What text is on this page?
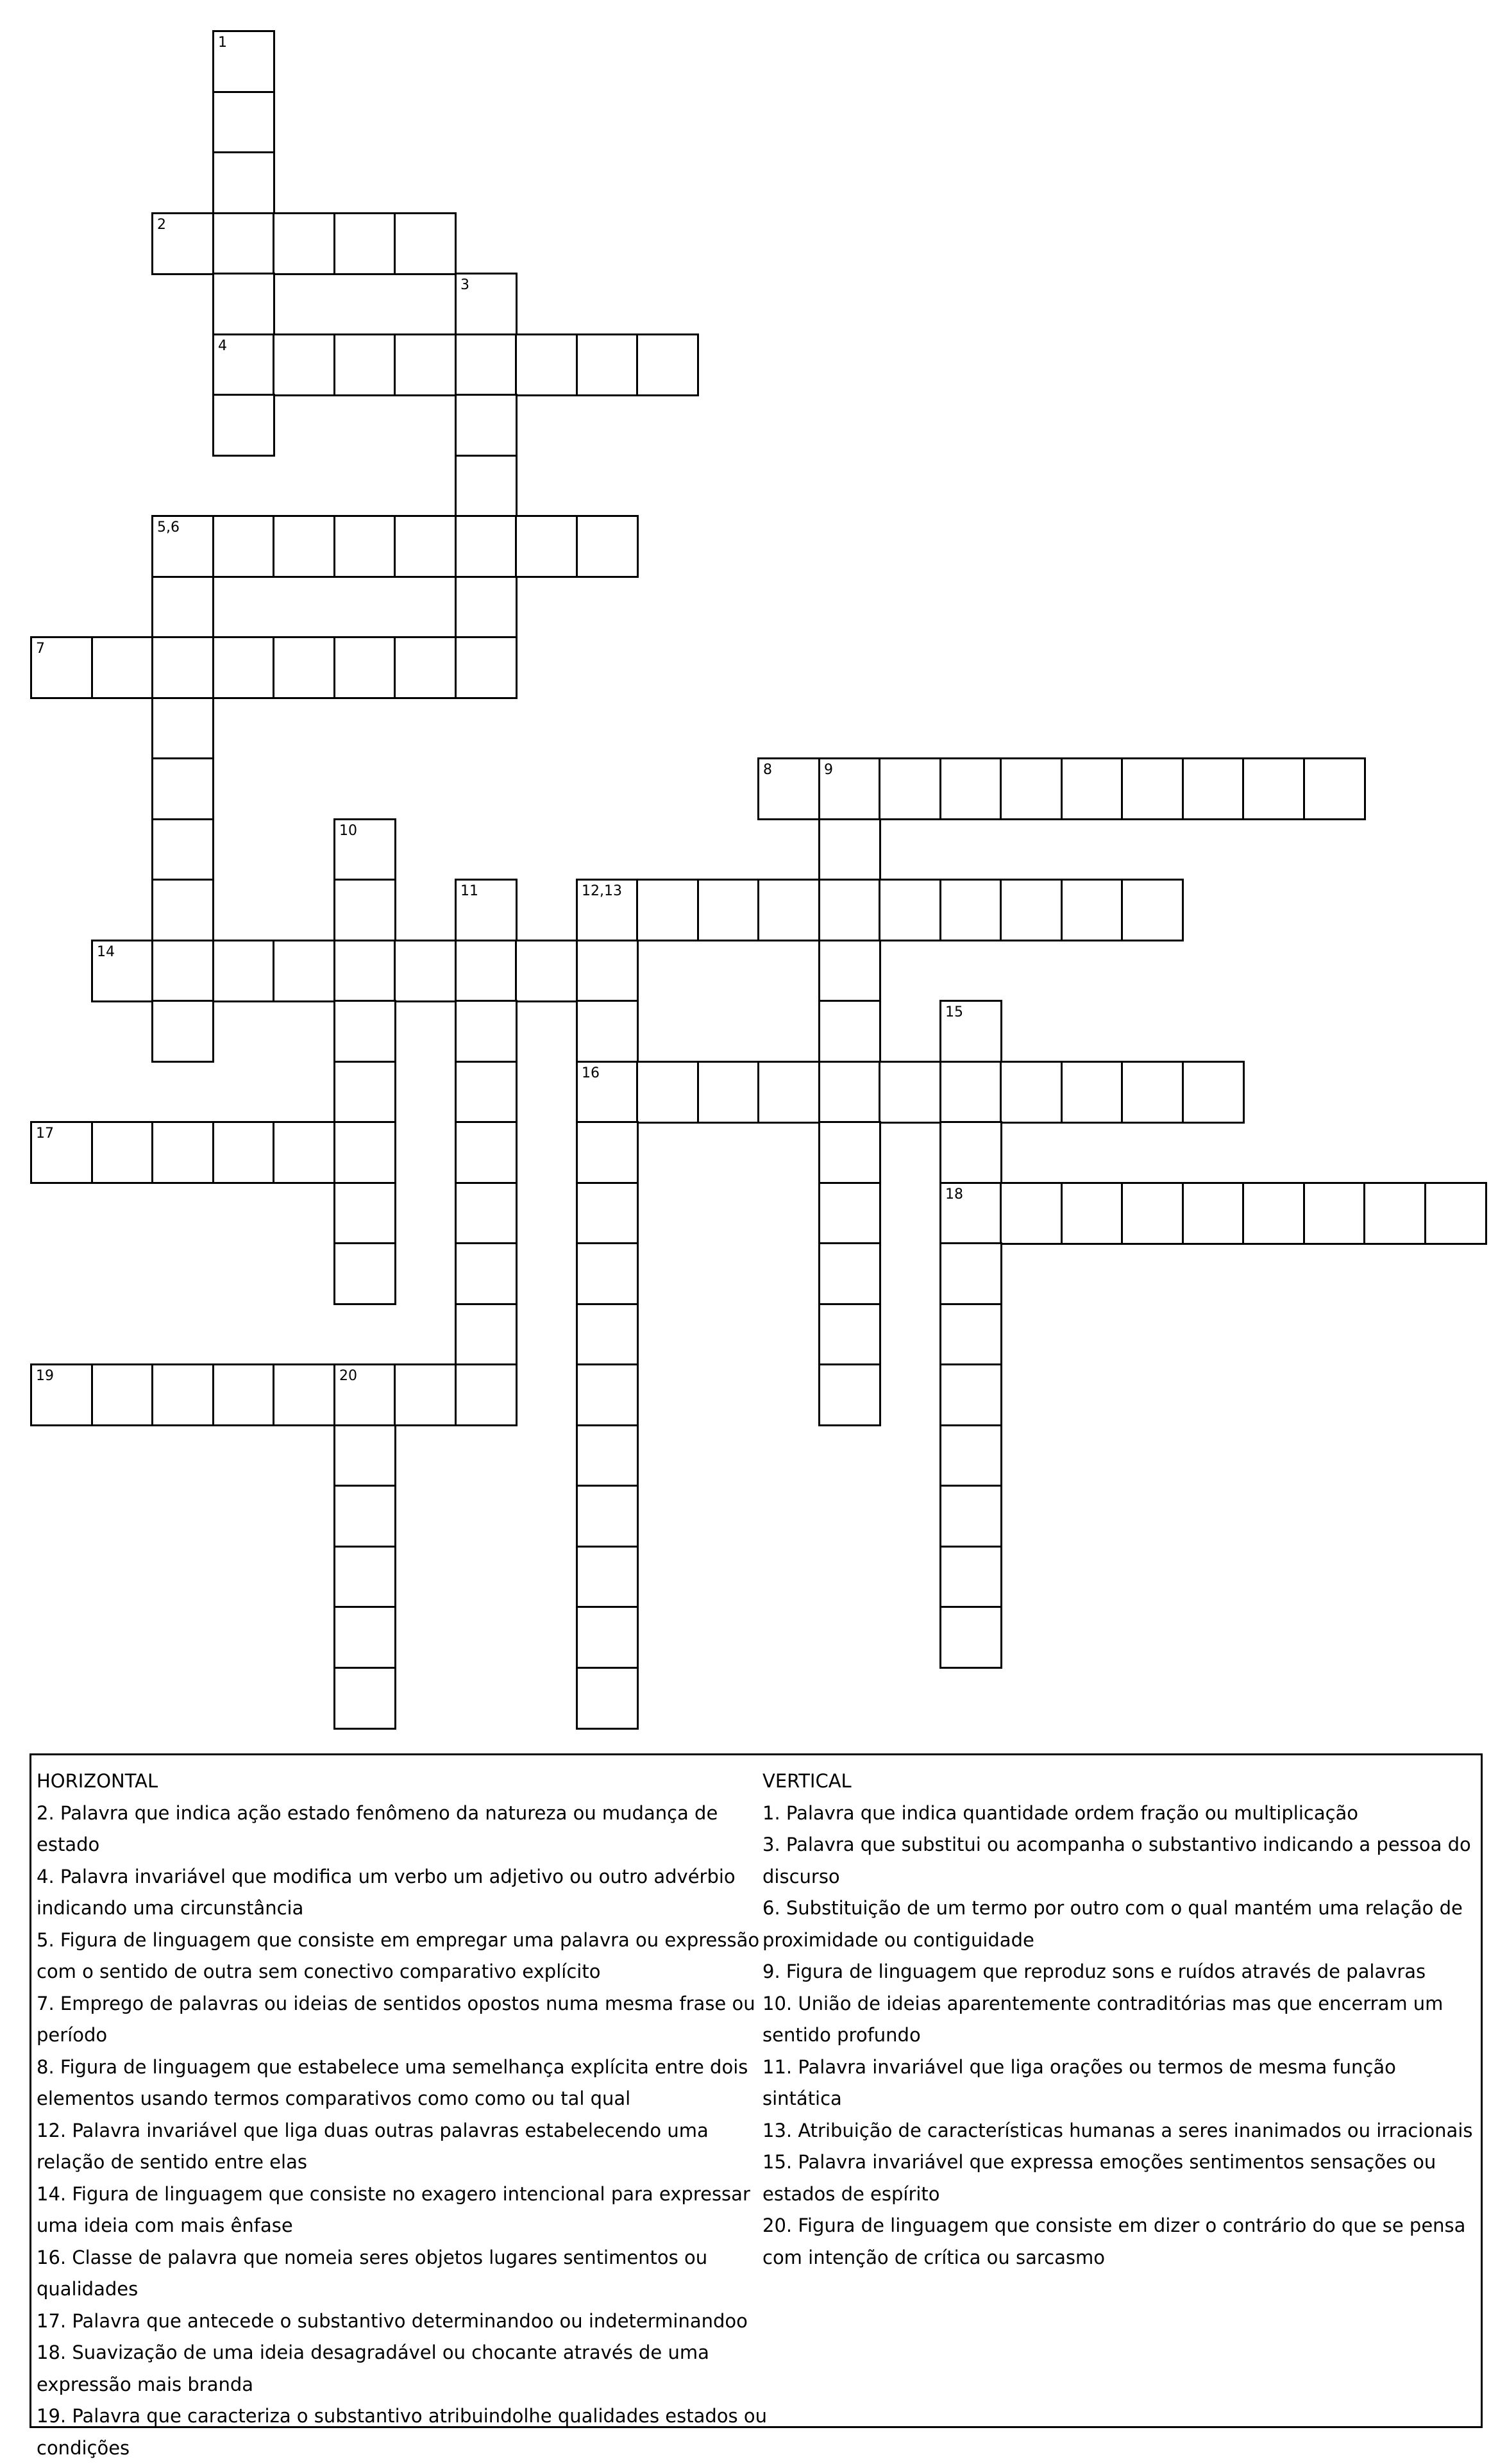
1
2
3
4
5,6
7
8	9
10
11	12,13
14
15
16
17
18
19	20

HORIZONTAL

2. Palavra que indica ação estado fenômeno da natureza ou mudança de estado

4. Palavra invariável que modifica um verbo um adjetivo ou outro advérbio indicando uma circunstância

5. Figura de linguagem que consiste em empregar uma palavra ou expressão com o sentido de outra sem conectivo comparativo explícito

7. Emprego de palavras ou ideias de sentidos opostos numa mesma frase ou período

8. Figura de linguagem que estabelece uma semelhança explícita entre dois elementos usando termos comparativos como como ou tal qual

12. Palavra invariável que liga duas outras palavras estabelecendo uma relação de sentido entre elas

14. Figura de linguagem que consiste no exagero intencional para expressar uma ideia com mais ênfase

16. Classe de palavra que nomeia seres objetos lugares sentimentos ou qualidades

17. Palavra que antecede o substantivo determinandoo ou indeterminandoo

18. Suavização de uma ideia desagradável ou chocante através de uma expressão mais branda

19. Palavra que caracteriza o substantivo atribuindolhe qualidades estados ou condições

VERTICAL

1. Palavra que indica quantidade ordem fração ou multiplicação

3. Palavra que substitui ou acompanha o substantivo indicando a pessoa do discurso

6. Substituição de um termo por outro com o qual mantém uma relação de proximidade ou contiguidade

9. Figura de linguagem que reproduz sons e ruídos através de palavras

10. União de ideias aparentemente contraditórias mas que encerram um sentido profundo

11. Palavra invariável que liga orações ou termos de mesma função sintática

13. Atribuição de características humanas a seres inanimados ou irracionais

15. Palavra invariável que expressa emoções sentimentos sensações ou estados de espírito

20. Figura de linguagem que consiste em dizer o contrário do que se pensa com intenção de crítica ou sarcasmo
